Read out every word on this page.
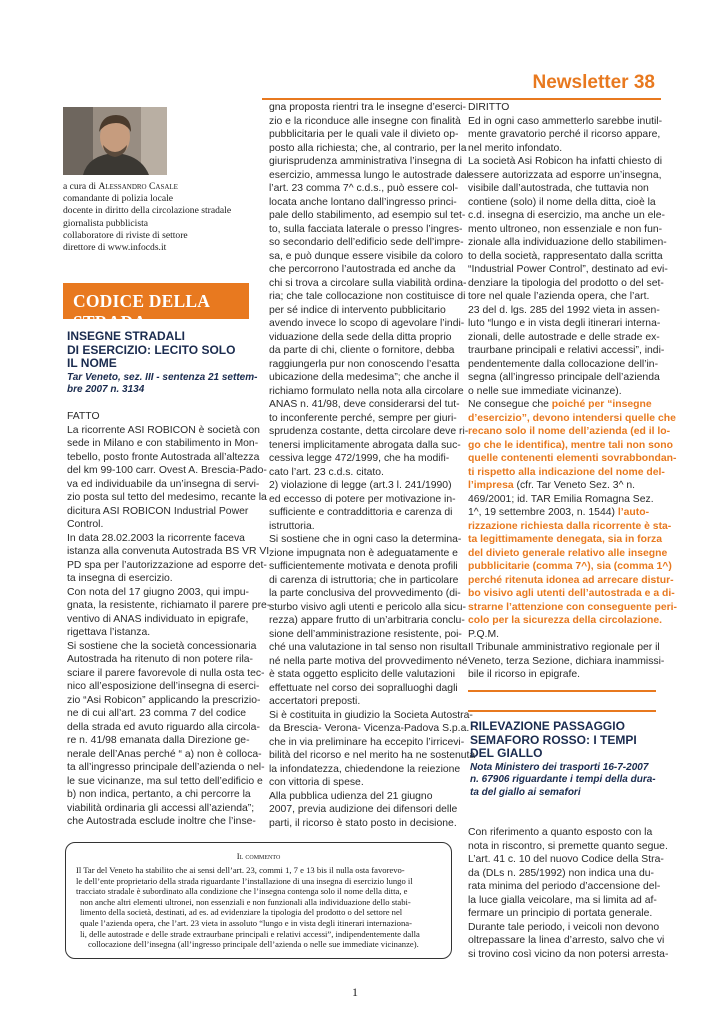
Newsletter 38
a cura di Alessandro Casale
comandante di polizia locale
docente in diritto della circolazione stradale
giornalista pubblicista
collaboratore di riviste di settore
direttore di www.infocds.it
CODICE DELLA STRADA
INSEGNE STRADALI
DI ESERCIZIO: LECITO SOLO
IL NOME
Tar Veneto, sez. III - sentenza 21 settem-
bre 2007 n. 3134
FATTO
La ricorrente ASI ROBICON è società con
sede in Milano e con stabilimento in Mon-
tebello, posto fronte Autostrada all’altezza
del km 99-100 carr. Ovest A. Brescia-Pado-
va ed individuabile da un’insegna di servi-
zio posta sul tetto del medesimo, recante la
dicitura ASI ROBICON Industrial Power
Control.
In data 28.02.2003 la ricorrente faceva
istanza alla convenuta Autostrada BS VR VI
PD spa per l’autorizzazione ad esporre det-
ta insegna di esercizio.
Con nota del 17 giugno 2003, qui impu-
gnata, la resistente, richiamato il parere pre-
ventivo di ANAS individuato in epigrafe,
rigettava l’istanza.
Si sostiene che la società concessionaria
Autostrada ha ritenuto di non potere rila-
sciare il parere favorevole di nulla osta tec-
nico all’esposizione dell’insegna di eserci-
zio “Asi Robicon” applicando la prescrizio-
ne di cui all’art. 23 comma 7 del codice
della strada ed avuto riguardo alla circola-
re n. 41/98 emanata dalla Direzione ge-
nerale dell’Anas perché “ a) non è colloca-
ta all’ingresso principale dell’azienda o nel-
le sue vicinanze, ma sul tetto dell’edificio e
b) non indica, pertanto, a chi percorre la
viabilità ordinaria gli accessi all’azienda”;
che Autostrada esclude inoltre che l’inse-
gna proposta rientri tra le insegne d’eserci-
zio e la riconduce alle insegne con finalità
pubblicitaria per le quali vale il divieto op-
posto alla richiesta; che, al contrario, per la
giurisprudenza amministrativa l’insegna di
esercizio, ammessa lungo le autostrade dal-
l’art. 23 comma 7^ c.d.s., può essere col-
locata anche lontano dall’ingresso princi-
pale dello stabilimento, ad esempio sul tet-
to, sulla facciata laterale o presso l’ingres-
so secondario dell’edificio sede dell’impre-
sa, e può dunque essere visibile da coloro
che percorrono l’autostrada ed anche da
chi si trova a circolare sulla viabilità ordina-
ria; che tale collocazione non costituisce di
per sé indice di intervento pubblicitario
avendo invece lo scopo di agevolare l’indi-
viduazione della sede della ditta proprio
da parte di chi, cliente o fornitore, debba
raggiungerla pur non conoscendo l’esatta
ubicazione della medesima”; che anche il
richiamo formulato nella nota alla circolare
ANAS n. 41/98, deve considerarsi del tut-
to inconferente perché, sempre per giuri-
sprudenza costante, detta circolare deve ri-
tenersi implicitamente abrogata dalla suc-
cessiva legge 472/1999, che ha modifi-
cato l’art. 23 c.d.s. citato.
2) violazione di legge (art.3 l. 241/1990)
ed eccesso di potere per motivazione in-
sufficiente e contraddittoria e carenza di
istruttoria.
Si sostiene che in ogni caso la determina-
zione impugnata non è adeguatamente e
sufficientemente motivata e denota profili
di carenza di istruttoria; che in particolare
la parte conclusiva del provvedimento (di-
sturbo visivo agli utenti e pericolo alla sicu-
rezza) appare frutto di un’arbitraria conclu-
sione dell’amministrazione resistente, poi-
ché una valutazione in tal senso non risulta
né nella parte motiva del provvedimento né
è stata oggetto esplicito delle valutazioni
effettuate nel corso dei sopralluoghi dagli
accertatori preposti.
Si è costituita in giudizio la Societa Autostra-
da Brescia- Verona- Vicenza-Padova S.p.a.
che in via preliminare ha eccepito l’irricevi-
bilità del ricorso e nel merito ha ne sostenuta
la infondatezza, chiedendone la reiezione
con vittoria di spese.
Alla pubblica udienza del 21 giugno
2007, previa audizione dei difensori delle
parti, il ricorso è stato posto in decisione.
DIRITTO
Ed in ogni caso ammetterlo sarebbe inutil-
mente gravatorio perché il ricorso appare,
nel merito infondato.
La società Asi Robicon ha infatti chiesto di
essere autorizzata ad esporre un’insegna,
visibile dall’autostrada, che tuttavia non
contiene (solo) il nome della ditta, cioè la
c.d. insegna di esercizio, ma anche un ele-
mento ultroneo, non essenziale e non fun-
zionale alla individuazione dello stabilimen-
to della società, rappresentato dalla scritta
“Industrial Power Control”, destinato ad evi-
denziare la tipologia del prodotto o del set-
tore nel quale l’azienda opera, che l’art.
23 del d. lgs. 285 del 1992 vieta in assen-
luto “lungo e in vista degli itinerari interna-
zionali, delle autostrade e delle strade ex-
traurbane principali e relativi accessi”, indi-
pendentemente dalla collocazione dell’in-
segna (all’ingresso principale dell’azienda
o nelle sue immediate vicinanze).
Ne consegue che poiché per “insegne
d’esercizio”, devono intendersi quelle che
recano solo il nome dell’azienda (ed il lo-
go che le identifica), mentre tali non sono
quelle contenenti elementi sovrabbondan-
ti rispetto alla indicazione del nome del-
l’impresa (cfr. Tar Veneto Sez. 3^ n.
469/2001; id. TAR Emilia Romagna Sez.
1^, 19 settembre 2003, n. 1544) l’auto-
rizzazione richiesta dalla ricorrente è sta-
ta legittimamente denegata, sia in forza
del divieto generale relativo alle insegne
pubblicitarie (comma 7^), sia (comma 1^)
perché ritenuta idonea ad arrecare distur-
bo visivo agli utenti dell’autostrada e a di-
strarne l’attenzione con conseguente peri-
colo per la sicurezza della circolazione.
P.Q.M.
Il Tribunale amministrativo regionale per il
Veneto, terza Sezione, dichiara inammissi-
bile il ricorso in epigrafe.
RILEVAZIONE PASSAGGIO
SEMAFORO ROSSO: I TEMPI
DEL GIALLO
Nota Ministero dei trasporti 16-7-2007
n. 67906 riguardante i tempi della dura-
ta del giallo ai semafori
Con riferimento a quanto esposto con la
nota in riscontro, si premette quanto segue.
L’art. 41 c. 10 del nuovo Codice della Stra-
da (DLs n. 285/1992) non indica una du-
rata minima del periodo d’accensione del-
la luce gialla veicolare, ma si limita ad af-
fermare un principio di portata generale.
Durante tale periodo, i veicoli non devono
oltrepassare la linea d’arresto, salvo che vi
si trovino così vicino da non potersi arresta-
Il commento
Il Tar del Veneto ha stabilito che ai sensi dell’art. 23, commi 1, 7 e 13 bis il nulla osta favorevo-
le dell’ente proprietario della strada riguardante l’installazione di una insegna di esercizio lungo il
tracciato stradale è subordinato alla condizione che l’insegna contenga solo il nome della ditta, e
non anche altri elementi ultronei, non essenziali e non funzionali alla individuazione dello stabi-
limento della società, destinati, ad es. ad evidenziare la tipologia del prodotto o del settore nel
quale l’azienda opera, che l’art. 23 vieta in assoluto “lungo e in vista degli itinerari internaziona-
li, delle autostrade e delle strade extraurbane principali e relativi accessi”, indipendentemente dalla
collocazione dell’insegna (all’ingresso principale dell’azienda o nelle sue immediate vicinanze).
1
